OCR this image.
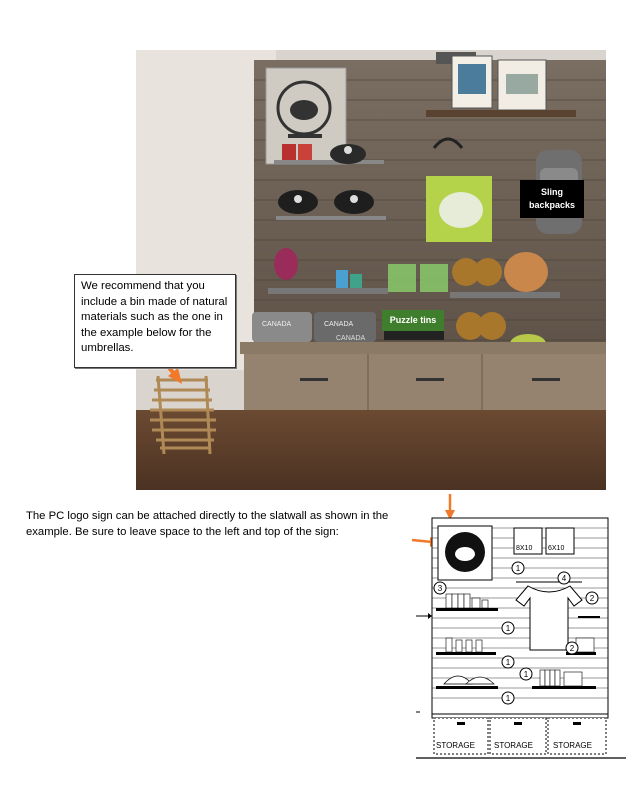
CANADA	CANADA
CANADA
We recommend that you
include a bin made of natural
materials such as the one in
the example below for the
umbrellas.
Sling
backpacks
Puzzle tins
The PC logo sign can be attached directly to the slatwall as shown in the
example. Be sure to leave space to the left and top of the sign:
8X10 6X10
1
1
1
1
1
2
2
3
4
STORAGE STORAGE	STORAGE
